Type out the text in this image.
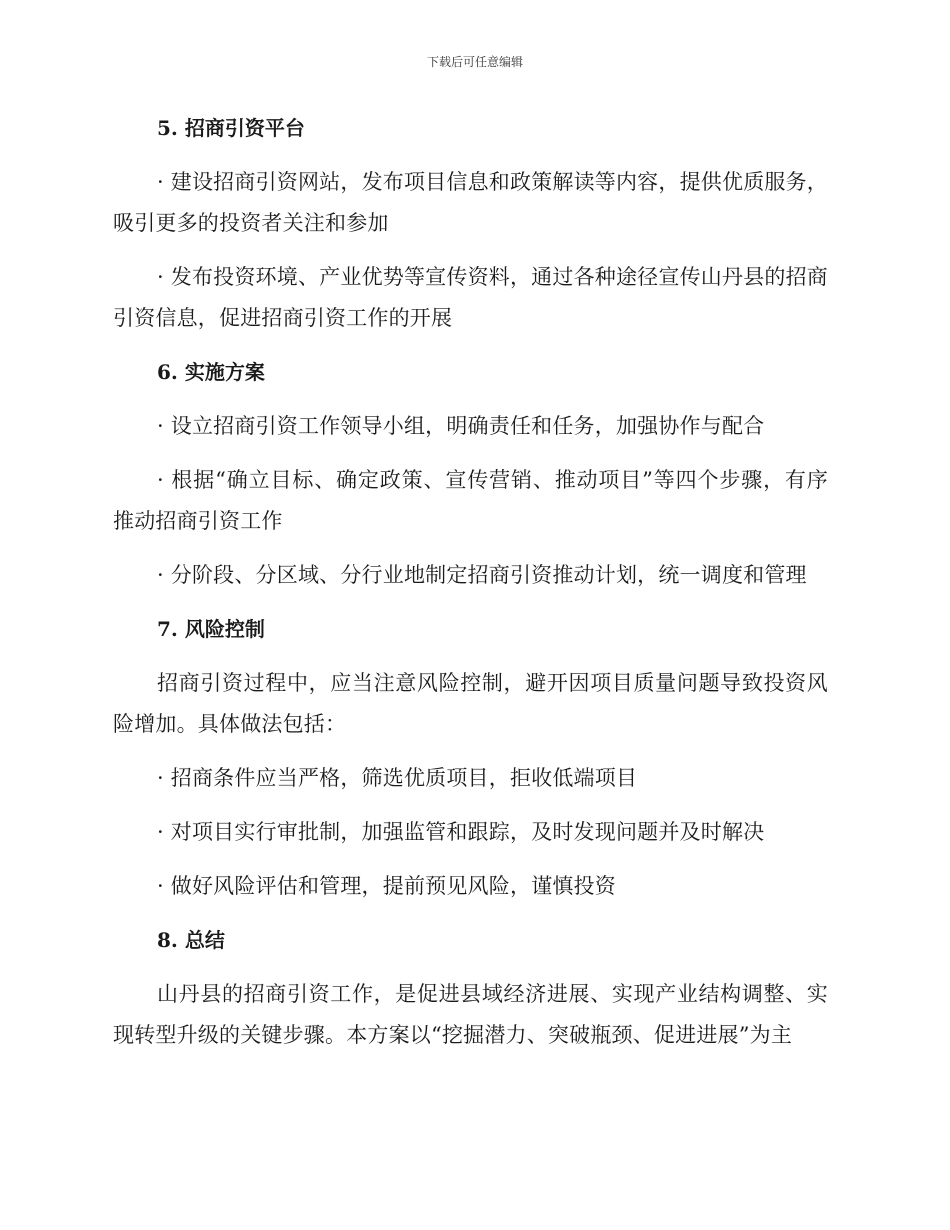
下载后可任意编辑
5. 招商引资平台

· 建设招商引资网站，发布项目信息和政策解读等内容，提供优质服务，吸引更多的投资者关注和参加

· 发布投资环境、产业优势等宣传资料，通过各种途径宣传山丹县的招商引资信息，促进招商引资工作的开展

6. 实施方案

· 设立招商引资工作领导小组，明确责任和任务，加强协作与配合

· 根据“确立目标、确定政策、宣传营销、推动项目”等四个步骤，有序推动招商引资工作

· 分阶段、分区域、分行业地制定招商引资推动计划，统一调度和管理

7. 风险控制

招商引资过程中，应当注意风险控制，避开因项目质量问题导致投资风险增加。具体做法包括：

· 招商条件应当严格，筛选优质项目，拒收低端项目

· 对项目实行审批制，加强监管和跟踪，及时发现问题并及时解决

· 做好风险评估和管理，提前预见风险，谨慎投资

8. 总结

山丹县的招商引资工作，是促进县域经济进展、实现产业结构调整、实现转型升级的关键步骤。本方案以“挖掘潜力、突破瓶颈、促进进展”为主
